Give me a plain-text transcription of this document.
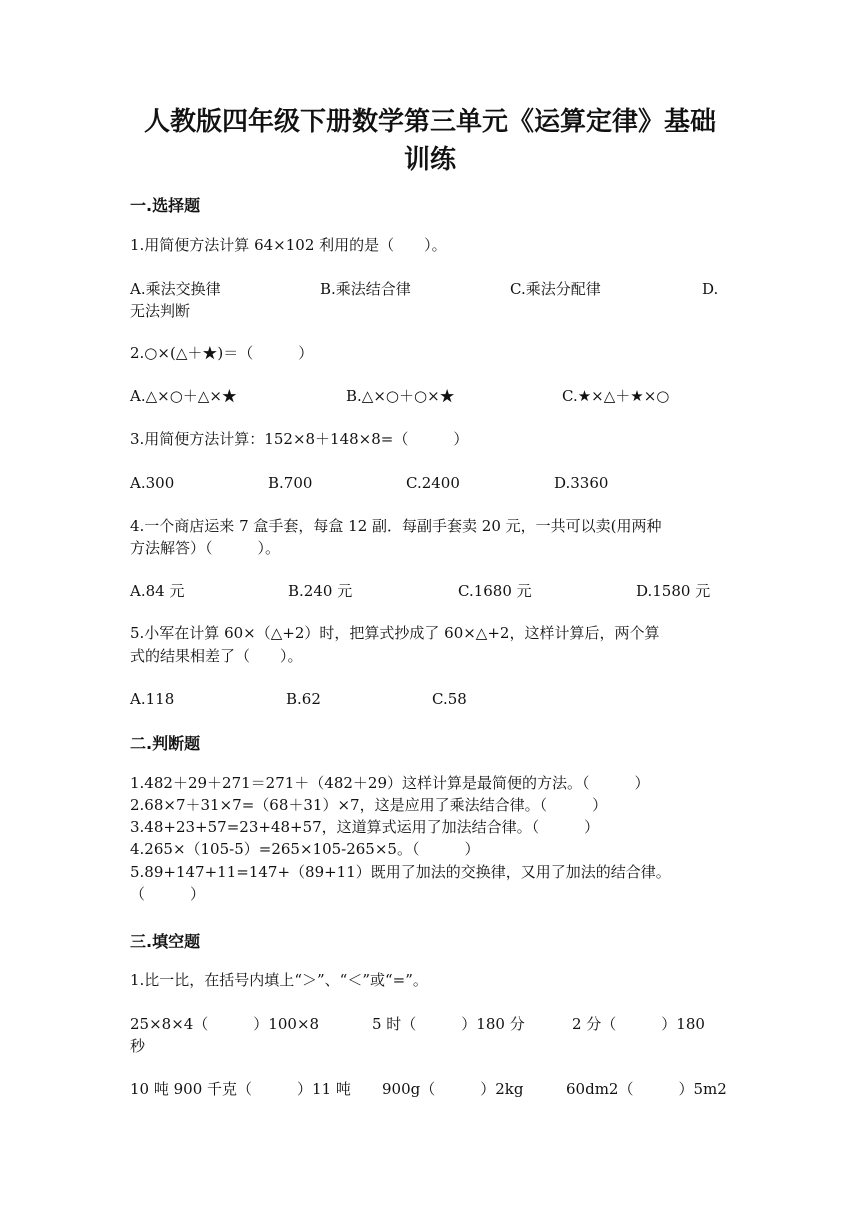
人教版四年级下册数学第三单元《运算定律》基础
训练
一.选择题
1.用简便方法计算 64×102 利用的是（　　）。
A.乘法交换律	B.乘法结合律	C.乘法分配律	D.
无法判断
2.○×(△＋★)＝（　　　）
A.△×○＋△×★	B.△×○＋○×★	C.★×△＋★×○
3.用简便方法计算：152×8＋148×8=（　　　）
A.300	B.700	C.2400	D.3360
4.一个商店运来 7 盒手套，每盒 12 副．每副手套卖 20 元，一共可以卖(用两种
方法解答）（　　　）。
A.84 元	B.240 元	C.1680 元	D.1580 元
5.小军在计算 60×（△+2）时，把算式抄成了 60×△+2，这样计算后，两个算
式的结果相差了（　　）。
A.118	B.62	C.58
二.判断题
1.482＋29＋271＝271＋（482＋29）这样计算是最简便的方法。（　　　）
2.68×7＋31×7=（68＋31）×7，这是应用了乘法结合律。（　　　）
3.48+23+57=23+48+57，这道算式运用了加法结合律。（　　　）
4.265×（105-5）=265×105-265×5。（　　　）
5.89+147+11=147+（89+11）既用了加法的交换律，又用了加法的结合律。
（　　　）
三.填空题
1.比一比，在括号内填上“＞”、“＜”或“=”。
25×8×4（　　　）100×8	5 时（　　　）180 分	2 分（　　　）180
秒
10 吨 900 千克（　　　）11 吨 900g（　　　）2kg	60dm2（　　　）5m2
